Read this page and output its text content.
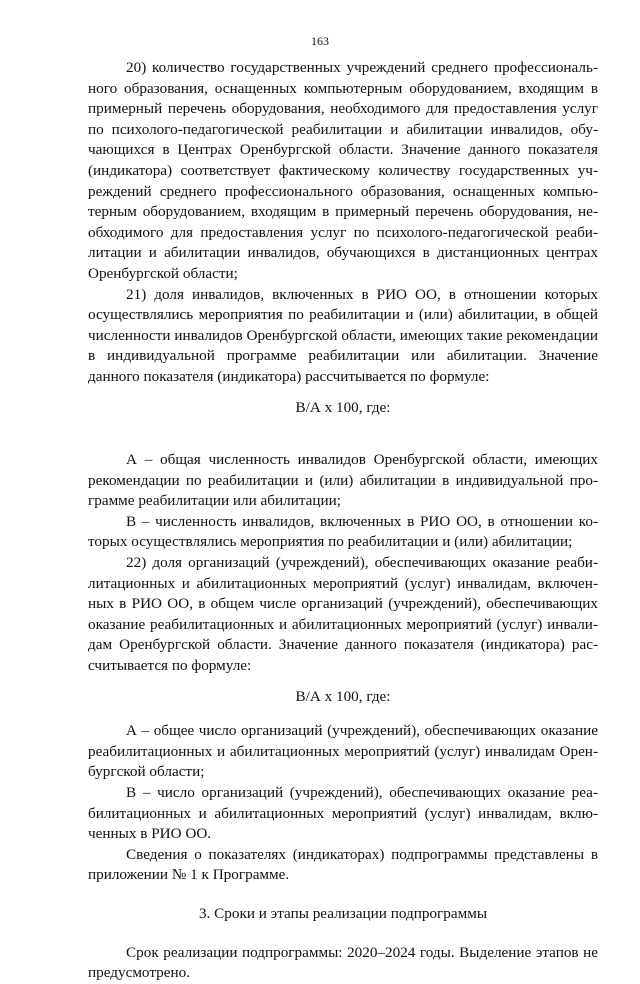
163

20) количество государственных учреждений среднего профессионального образования, оснащенных компьютерным оборудованием, входящим в примерный перечень оборудования, необходимого для предоставления услуг по психолого-педагогической реабилитации и абилитации инвалидов, обучающихся в Центрах Оренбургской области. Значение данного показателя (индикатора) соответствует фактическому количеству государственных учреждений среднего профессионального образования, оснащенных компьютерным оборудованием, входящим в примерный перечень оборудования, необходимого для предоставления услуг по психолого-педагогической реабилитации и абилитации инвалидов, обучающихся в дистанционных центрах Оренбургской области;

21) доля инвалидов, включенных в РИО ОО, в отношении которых осуществлялись мероприятия по реабилитации и (или) абилитации, в общей численности инвалидов Оренбургской области, имеющих такие рекомендации в индивидуальной программе реабилитации или абилитации. Значение данного показателя (индикатора) рассчитывается по формуле:

В/А х 100, где:

А – общая численность инвалидов Оренбургской области, имеющих рекомендации по реабилитации и (или) абилитации в индивидуальной программе реабилитации или абилитации;

В – численность инвалидов, включенных в РИО ОО, в отношении которых осуществлялись мероприятия по реабилитации и (или) абилитации;

22) доля организаций (учреждений), обеспечивающих оказание реабилитационных и абилитационных мероприятий (услуг) инвалидам, включенных в РИО ОО, в общем числе организаций (учреждений), обеспечивающих оказание реабилитационных и абилитационных мероприятий (услуг) инвалидам Оренбургской области. Значение данного показателя (индикатора) рассчитывается по формуле:

В/А х 100, где:

А – общее число организаций (учреждений), обеспечивающих оказание реабилитационных и абилитационных мероприятий (услуг) инвалидам Оренбургской области;

В – число организаций (учреждений), обеспечивающих оказание реабилитационных и абилитационных мероприятий (услуг) инвалидам, включенных в РИО ОО.

Сведения о показателях (индикаторах) подпрограммы представлены в приложении № 1 к Программе.

3. Сроки и этапы реализации подпрограммы

Срок реализации подпрограммы: 2020–2024 годы. Выделение этапов не предусмотрено.
